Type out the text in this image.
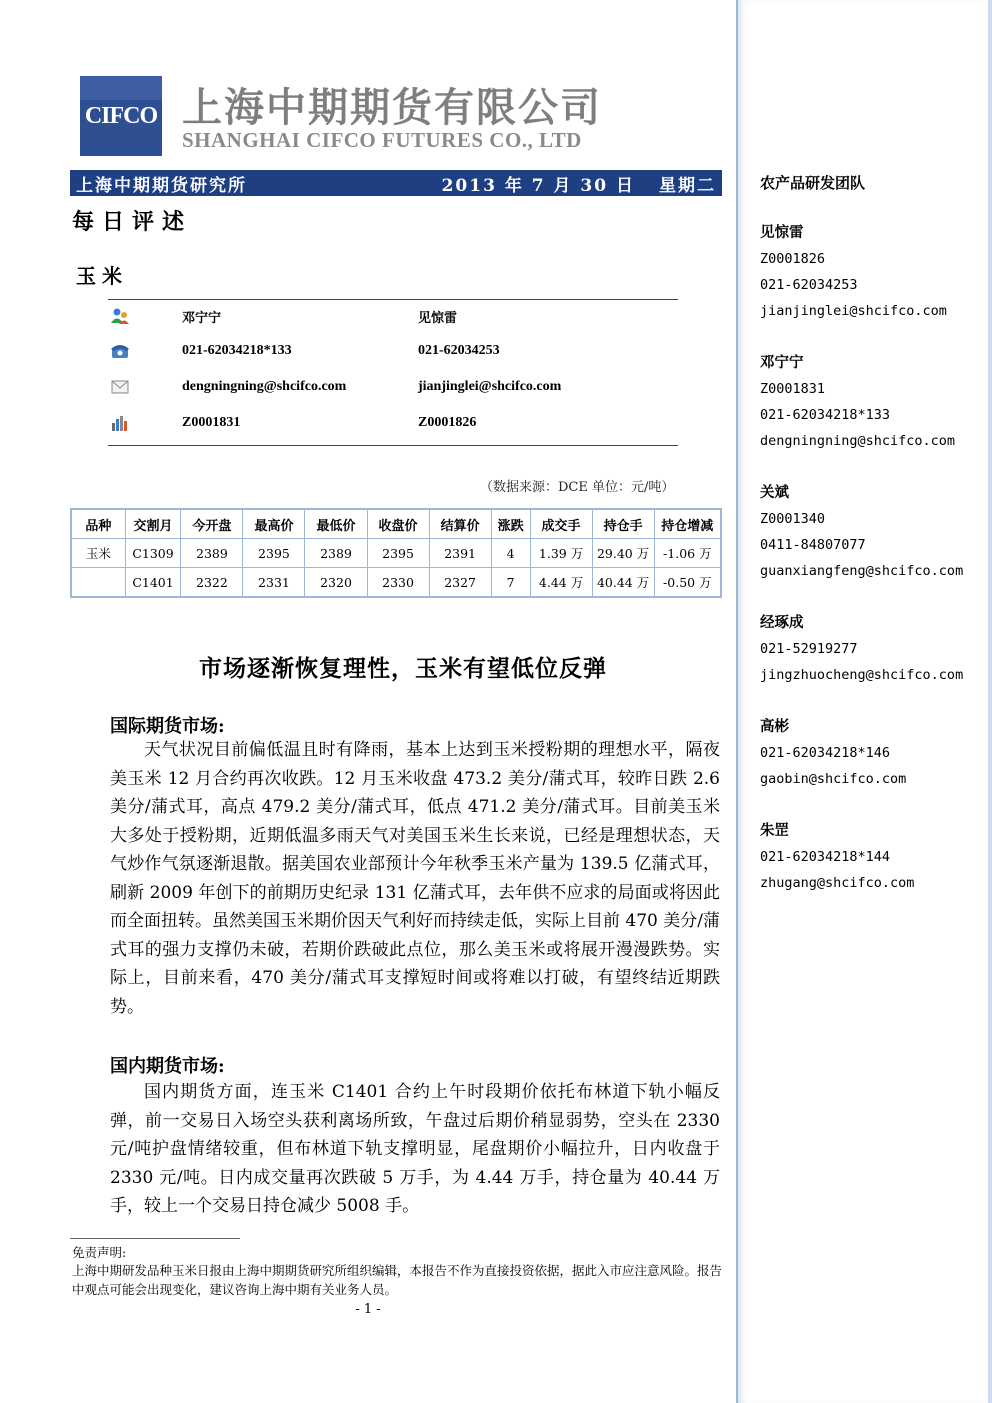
CIFCO 上海中期期货有限公司
SHANGHAI CIFCO FUTURES CO., LTD
上海中期期货研究所	2013 年 7 月 30 日 星期二
每日评述
玉米
邓宁宁	见惊雷
021-62034218*133	021-62034253
dengningning@shcifco.com	jianjinglei@shcifco.com
Z0001831	Z0001826
（数据来源：DCE 单位：元/吨）
品种	交割月	今开盘	最高价	最低价	收盘价	结算价	涨跌	成交手	持仓手	持仓增减
玉米	C1309	2389	2395	2389	2395	2391	4	1.39 万	29.40 万	-1.06 万
	C1401	2322	2331	2320	2330	2327	7	4.44 万	40.44 万	-0.50 万
市场逐渐恢复理性，玉米有望低位反弹
国际期货市场:

天气状况目前偏低温且时有降雨，基本上达到玉米授粉期的理想水平，隔夜美玉米 12 月合约再次收跌。12 月玉米收盘 473.2 美分/蒲式耳，较昨日跌 2.6 美分/蒲式耳，高点 479.2 美分/蒲式耳，低点 471.2 美分/蒲式耳。目前美玉米大多处于授粉期，近期低温多雨天气对美国玉米生长来说，已经是理想状态，天气炒作气氛逐渐退散。据美国农业部预计今年秋季玉米产量为 139.5 亿蒲式耳，刷新 2009 年创下的前期历史纪录 131 亿蒲式耳，去年供不应求的局面或将因此而全面扭转。虽然美国玉米期价因天气利好而持续走低，实际上目前 470 美分/蒲式耳的强力支撑仍未破，若期价跌破此点位，那么美玉米或将展开漫漫跌势。实际上，目前来看，470 美分/蒲式耳支撑短时间或将难以打破，有望终结近期跌势。

国内期货市场:

国内期货方面，连玉米 C1401 合约上午时段期价依托布林道下轨小幅反弹，前一交易日入场空头获利离场所致，午盘过后期价稍显弱势，空头在 2330 元/吨护盘情绪较重，但布林道下轨支撑明显，尾盘期价小幅拉升，日内收盘于 2330 元/吨。日内成交量再次跌破 5 万手，为 4.44 万手，持仓量为 40.44 万手，较上一个交易日持仓减少 5008 手。

免责声明:
上海中期研发品种玉米日报由上海中期期货研究所组织编辑，本报告不作为直接投资依据，据此入市应注意风险。报告中观点可能会出现变化，建议咨询上海中期有关业务人员。
- 1 -
农产品研发团队
见惊雷
Z0001826
021-62034253
jianjinglei@shcifco.com
邓宁宁
Z0001831
021-62034218*133
dengningning@shcifco.com
关斌
Z0001340
0411-84807077
guanxiangfeng@shcifco.com
经琢成
021-52919277
jingzhuocheng@shcifco.com
高彬
021-62034218*146
gaobin@shcifco.com
朱罡
021-62034218*144
zhugang@shcifco.com
